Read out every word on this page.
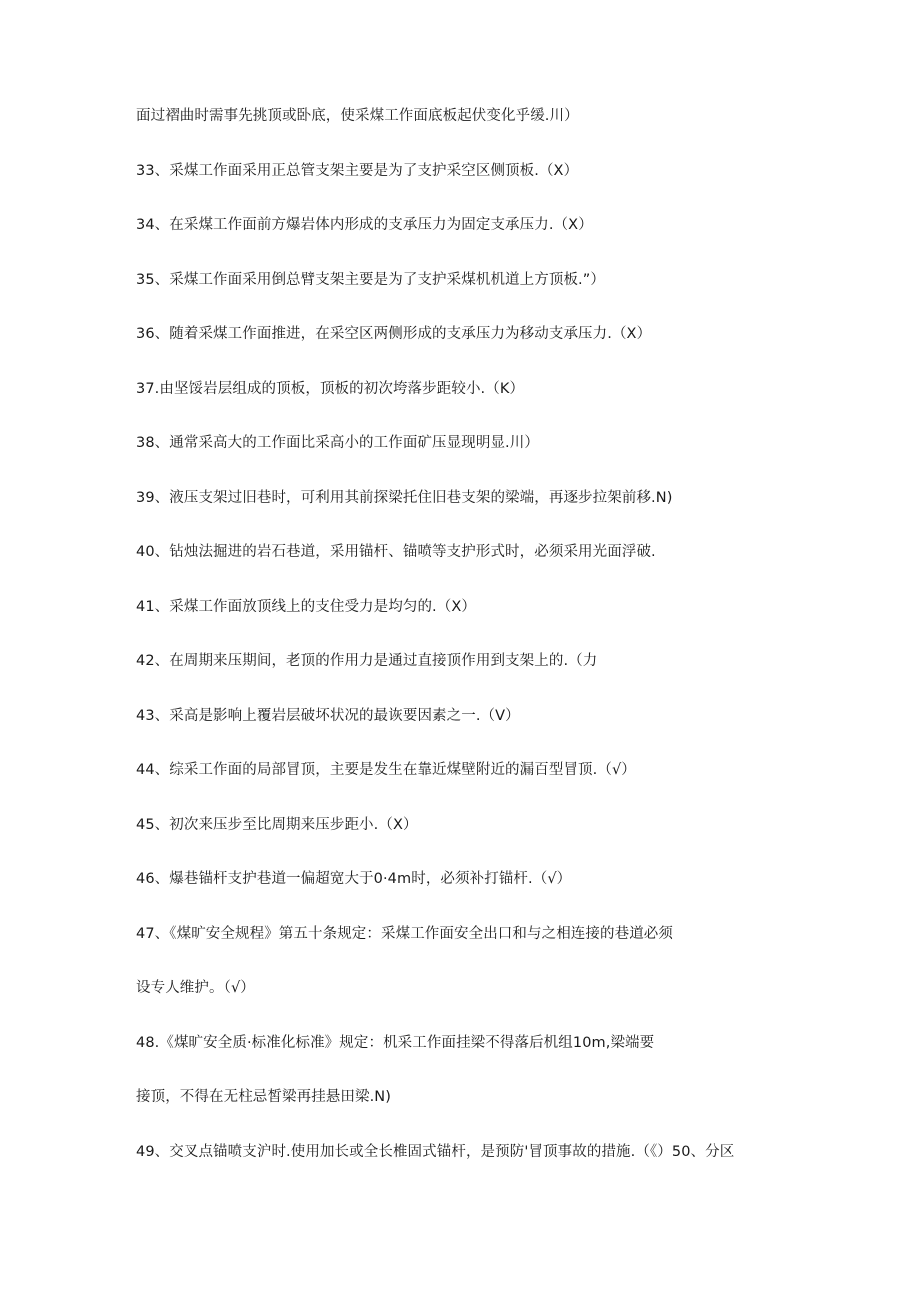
面过褶曲时需事先挑顶或卧底，使采煤工作面底板起伏变化乎缓.川）
33、采煤工作面采用正总管支架主要是为了支护采空区侧顶板.（X）
34、在采煤工作面前方爆岩体内形成的支承压力为固定支承压力.（X）
35、采煤工作面采用倒总臂支架主要是为了支护采煤机机道上方顶板.”）
36、随着采煤工作面推进，在采空区两侧形成的支承压力为移动支承压力.（X）
37.由坚馁岩层组成的顶板，顶板的初次垮落步距较小.（K）
38、通常采高大的工作面比采高小的工作面矿压显现明显.川）
39、液压支架过旧巷时，可利用其前探梁托住旧巷支架的梁端，再逐步拉架前移.N)
40、钻烛法掘进的岩石巷道，采用锚杆、锚喷等支护形式时，必须采用光面浮破.
41、采煤工作面放顶线上的支住受力是均匀的.（X）
42、在周期来压期间，老顶的作用力是通过直接顶作用到支架上的.（力
43、采高是影响上覆岩层破坏状况的最诙要因素之一.（V）
44、综采工作面的局部冒顶，主要是发生在靠近煤壁附近的漏百型冒顶.（√）
45、初次来压步至比周期来压步距小.（X）
46、爆巷锚杆支护巷道一偏超宽大于0·4m时，必须补打锚杆.（√）
47、《煤旷安全规程》第五十条规定：采煤工作面安全出口和与之相连接的巷道必须
设专人维护。（√）
48.《煤旷安全质·标准化标准》规定：机采工作面挂梁不得落后机组10m,梁端要
接顶，不得在无柱忌皙梁再挂悬田梁.N)
49、交叉点锚喷支沪时.使用加长或全长椎固式锚杆，是预防'冒顶事故的措施.（《）50、分区
